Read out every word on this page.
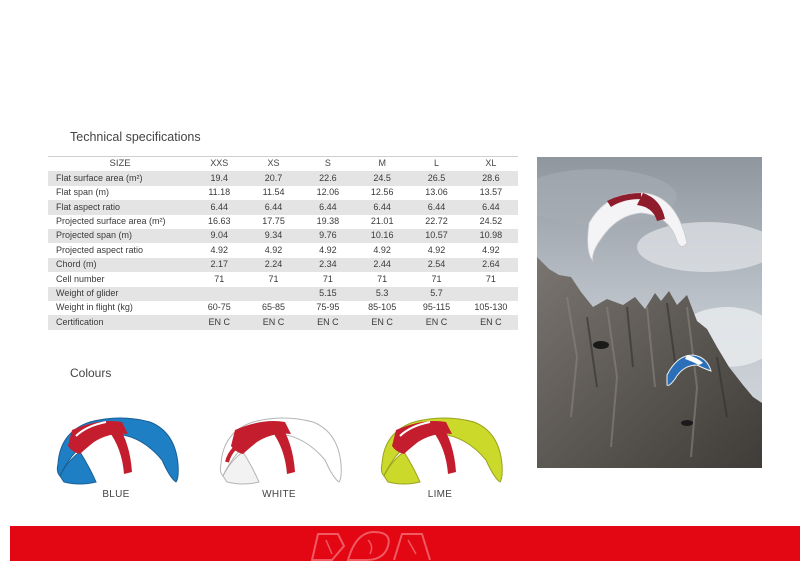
Technical specifications
SIZE	XXS	XS	S	M	L	XL
Flat surface area (m²)	19.4	20.7	22.6	24.5	26.5	28.6
Flat span (m)	11.18	11.54	12.06	12.56	13.06	13.57
Flat aspect ratio	6.44	6.44	6.44	6.44	6.44	6.44
Projected surface area (m²)	16.63	17.75	19.38	21.01	22.72	24.52
Projected span (m)	9.04	9.34	9.76	10.16	10.57	10.98
Projected aspect ratio	4.92	4.92	4.92	4.92	4.92	4.92
Chord (m)	2.17	2.24	2.34	2.44	2.54	2.64
Cell number	71	71	71	71	71	71
Weight of glider			5.15	5.3	5.7	
Weight in flight (kg)	60-75	65-85	75-95	85-105	95-115	105-130
Certification	EN C	EN C	EN C	EN C	EN C	EN C
Colours
BLUE	WHITE	LIME
